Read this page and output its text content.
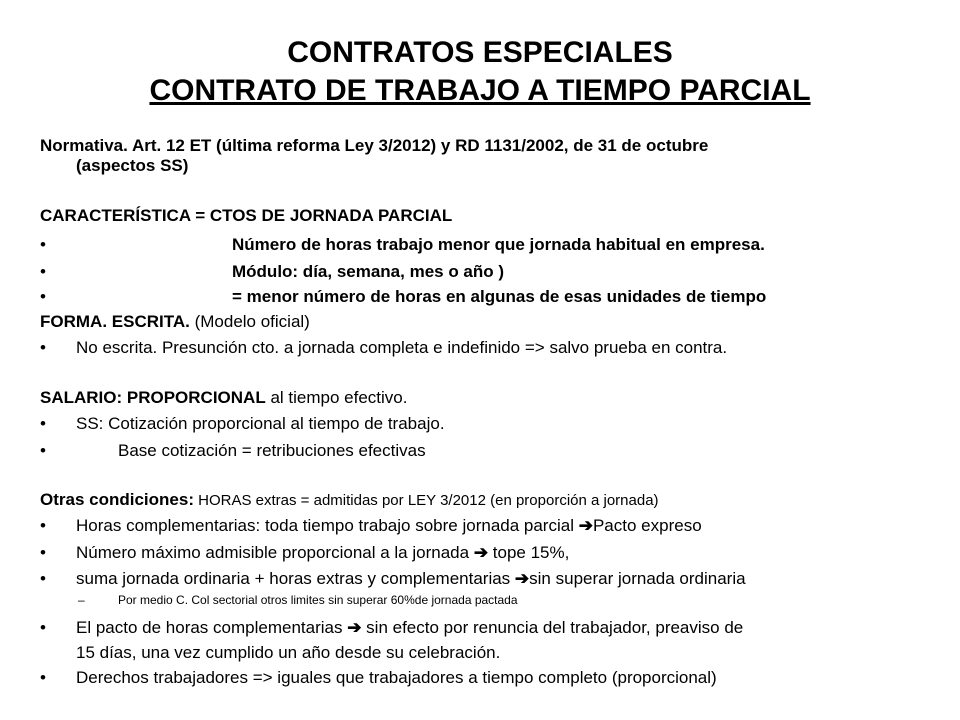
CONTRATOS ESPECIALES
CONTRATO DE TRABAJO A TIEMPO PARCIAL
Normativa. Art. 12 ET (última reforma Ley 3/2012) y RD 1131/2002, de 31 de octubre
(aspectos SS)
CARACTERÍSTICA = CTOS DE JORNADA PARCIAL
•	Número de horas trabajo menor que jornada habitual en empresa.
•	Módulo: día, semana, mes o año )
•	= menor número de horas en algunas de esas unidades de tiempo
FORMA. ESCRITA. (Modelo oficial)
•	No escrita. Presunción cto. a jornada completa e indefinido => salvo prueba en contra.
SALARIO: PROPORCIONAL al tiempo efectivo.
•	SS: Cotización proporcional al tiempo de trabajo.
•	Base cotización = retribuciones efectivas
Otras condiciones: HORAS extras = admitidas por LEY 3/2012 (en proporción a jornada)
•	Horas complementarias: toda tiempo trabajo sobre jornada parcial ➔Pacto expreso
•	Número máximo admisible proporcional a la jornada ➔ tope 15%,
•	suma jornada ordinaria + horas extras y complementarias ➔sin superar jornada ordinaria
–	Por medio C. Col sectorial otros limites sin superar 60%de jornada pactada
•	El pacto de horas complementarias ➔ sin efecto por renuncia del trabajador, preaviso de
15 días, una vez cumplido un año desde su celebración.
•	Derechos trabajadores => iguales que trabajadores a tiempo completo (proporcional)
